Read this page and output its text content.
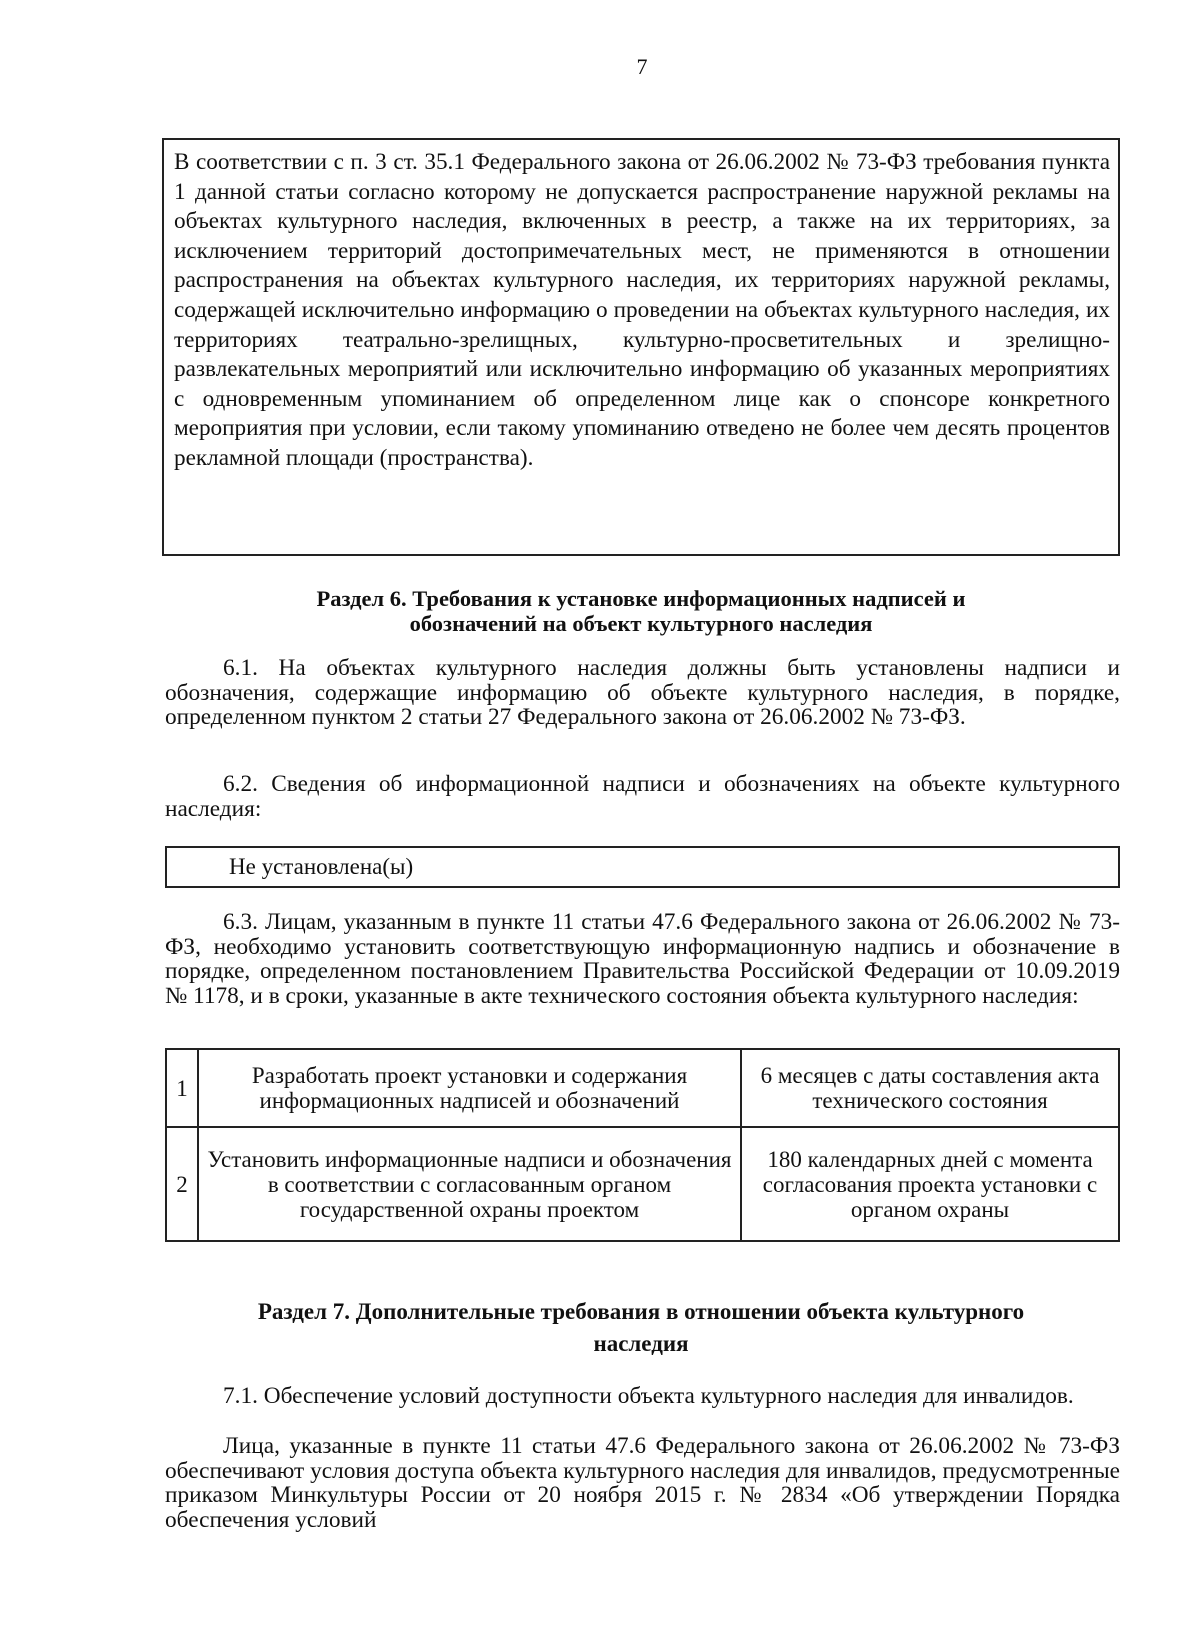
7
В соответствии с п. 3 ст. 35.1 Федерального закона от 26.06.2002 № 73-ФЗ требования пункта 1 данной статьи согласно которому не допускается распространение наружной рекламы на объектах культурного наследия, включенных в реестр, а также на их территориях, за исключением территорий достопримечательных мест, не применяются в отношении распространения на объектах культурного наследия, их территориях наружной рекламы, содержащей исключительно информацию о проведении на объектах культурного наследия, их территориях театрально-зрелищных, культурно-просветительных и зрелищно-развлекательных мероприятий или исключительно информацию об указанных мероприятиях с одновременным упоминанием об определенном лице как о спонсоре конкретного мероприятия при условии, если такому упоминанию отведено не более чем десять процентов рекламной площади (пространства).
Раздел 6. Требования к установке информационных надписей и
обозначений на объект культурного наследия
6.1. На объектах культурного наследия должны быть установлены надписи и обозначения, содержащие информацию об объекте культурного наследия, в порядке, определенном пунктом 2 статьи 27 Федерального закона от 26.06.2002 № 73-ФЗ.
6.2. Сведения об информационной надписи и обозначениях на объекте культурного наследия:
Не установлена(ы)
6.3. Лицам, указанным в пункте 11 статьи 47.6 Федерального закона от 26.06.2002 № 73-ФЗ, необходимо установить соответствующую информационную надпись и обозначение в порядке, определенном постановлением Правительства Российской Федерации от 10.09.2019 № 1178, и в сроки, указанные в акте технического состояния объекта культурного наследия:
1	Разработать проект установки и содержания информационных надписей и обозначений	6 месяцев с даты составления акта технического состояния
2	Установить информационные надписи и обозначения в соответствии с согласованным органом государственной охраны проектом	180 календарных дней с момента согласования проекта установки с органом охраны
Раздел 7. Дополнительные требования в отношении объекта культурного
наследия
7.1. Обеспечение условий доступности объекта культурного наследия для инвалидов.
Лица, указанные в пункте 11 статьи 47.6 Федерального закона от 26.06.2002 № 73-ФЗ обеспечивают условия доступа объекта культурного наследия для инвалидов, предусмотренные приказом Минкультуры России от 20 ноября 2015 г. № 2834 «Об утверждении Порядка обеспечения условий
